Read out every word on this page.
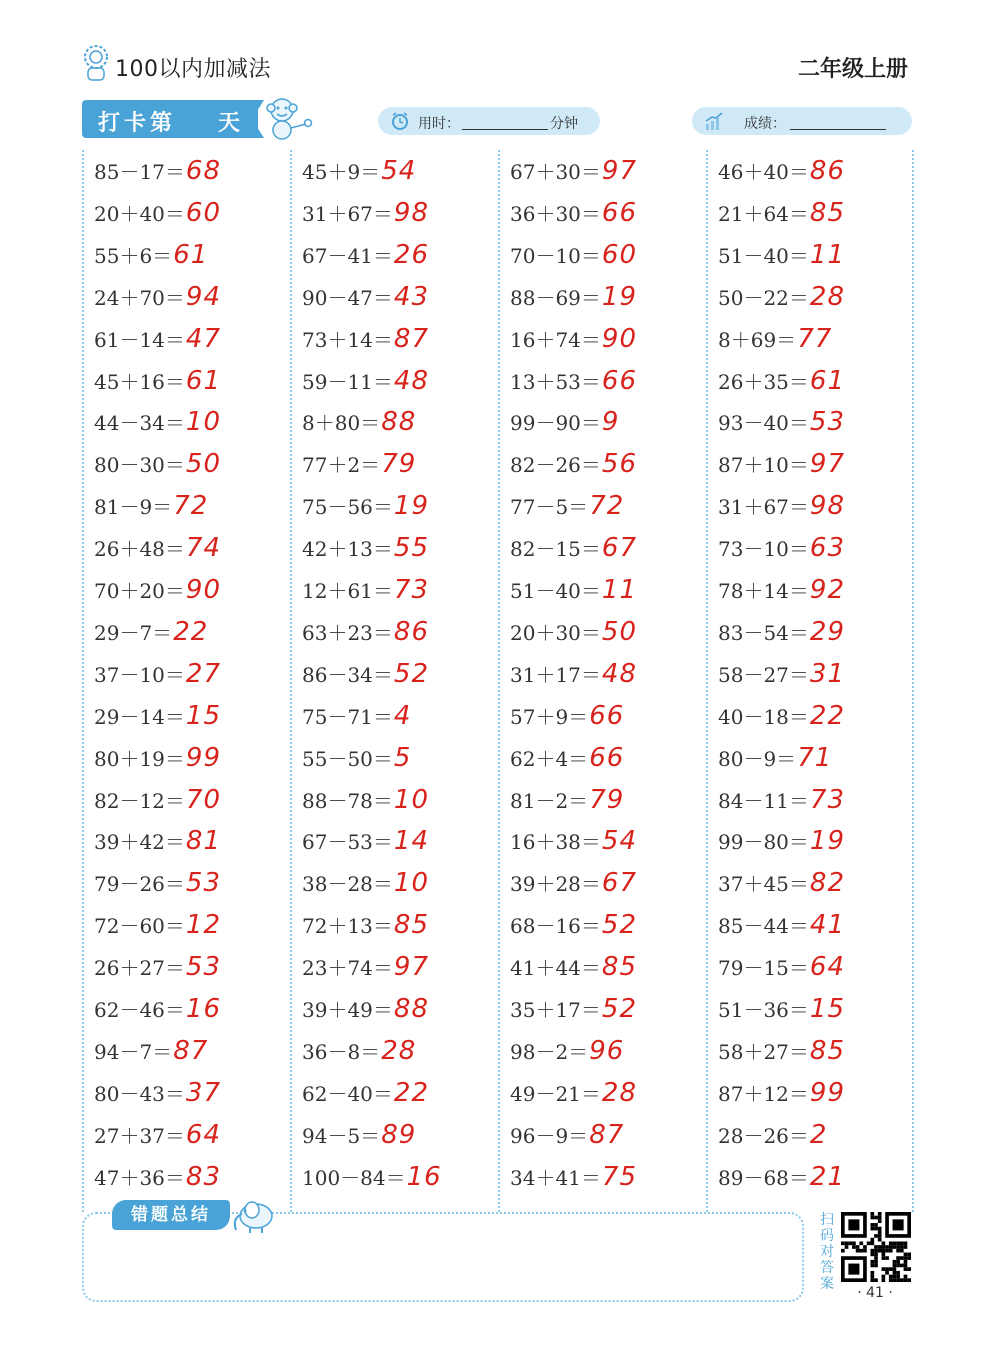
100以内加减法	二年级上册
打卡第 天	用时：	分钟	成绩：
85－17＝68
20＋40＝60
55＋6＝61
24＋70＝94
61－14＝47
45＋16＝61
44－34＝10
80－30＝50
81－9＝72
26＋48＝74
70＋20＝90
29－7＝22
37－10＝27
29－14＝15
80＋19＝99
82－12＝70
39＋42＝81
79－26＝53
72－60＝12
26＋27＝53
62－46＝16
94－7＝87
80－43＝37
27＋37＝64
47＋36＝83
45＋9＝54
31＋67＝98
67－41＝26
90－47＝43
73＋14＝87
59－11＝48
8＋80＝88
77＋2＝79
75－56＝19
42＋13＝55
12＋61＝73
63＋23＝86
86－34＝52
75－71＝4
55－50＝5
88－78＝10
67－53＝14
38－28＝10
72＋13＝85
23＋74＝97
39＋49＝88
36－8＝28
62－40＝22
94－5＝89
100－84＝16
67＋30＝97
36＋30＝66
70－10＝60
88－69＝19
16＋74＝90
13＋53＝66
99－90＝9
82－26＝56
77－5＝72
82－15＝67
51－40＝11
20＋30＝50
31＋17＝48
57＋9＝66
62＋4＝66
81－2＝79
16＋38＝54
39＋28＝67
68－16＝52
41＋44＝85
35＋17＝52
98－2＝96
49－21＝28
96－9＝87
34＋41＝75
46＋40＝86
21＋64＝85
51－40＝11
50－22＝28
8＋69＝77
26＋35＝61
93－40＝53
87＋10＝97
31＋67＝98
73－10＝63
78＋14＝92
83－54＝29
58－27＝31
40－18＝22
80－9＝71
84－11＝73
99－80＝19
37＋45＝82
85－44＝41
79－15＝64
51－36＝15
58＋27＝85
87＋12＝99
28－26＝2
89－68＝21
错题总结	扫码对答案
· 41 ·
